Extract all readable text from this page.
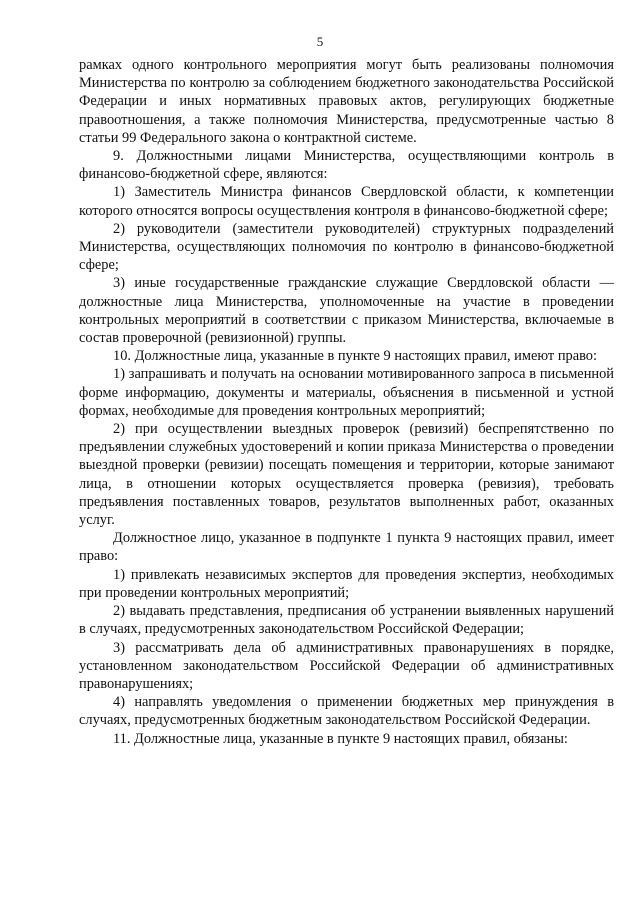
5

рамках одного контрольного мероприятия могут быть реализованы полномочия Министерства по контролю за соблюдением бюджетного законодательства Российской Федерации и иных нормативных правовых актов, регулирующих бюджетные правоотношения, а также полномочия Министерства, предусмотренные частью 8 статьи 99 Федерального закона о контрактной системе.

9. Должностными лицами Министерства, осуществляющими контроль в финансово-бюджетной сфере, являются:

1) Заместитель Министра финансов Свердловской области, к компетенции которого относятся вопросы осуществления контроля в финансово-бюджетной сфере;

2) руководители (заместители руководителей) структурных подразделений Министерства, осуществляющих полномочия по контролю в финансово-бюджетной сфере;

3) иные государственные гражданские служащие Свердловской области — должностные лица Министерства, уполномоченные на участие в проведении контрольных мероприятий в соответствии с приказом Министерства, включаемые в состав проверочной (ревизионной) группы.

10. Должностные лица, указанные в пункте 9 настоящих правил, имеют право:

1) запрашивать и получать на основании мотивированного запроса в письменной форме информацию, документы и материалы, объяснения в письменной и устной формах, необходимые для проведения контрольных мероприятий;

2) при осуществлении выездных проверок (ревизий) беспрепятственно по предъявлении служебных удостоверений и копии приказа Министерства о проведении выездной проверки (ревизии) посещать помещения и территории, которые занимают лица, в отношении которых осуществляется проверка (ревизия), требовать предъявления поставленных товаров, результатов выполненных работ, оказанных услуг.

Должностное лицо, указанное в подпункте 1 пункта 9 настоящих правил, имеет право:

1) привлекать независимых экспертов для проведения экспертиз, необходимых при проведении контрольных мероприятий;

2) выдавать представления, предписания об устранении выявленных нарушений в случаях, предусмотренных законодательством Российской Федерации;

3) рассматривать дела об административных правонарушениях в порядке, установленном законодательством Российской Федерации об административных правонарушениях;

4) направлять уведомления о применении бюджетных мер принуждения в случаях, предусмотренных бюджетным законодательством Российской Федерации.

11. Должностные лица, указанные в пункте 9 настоящих правил, обязаны:
